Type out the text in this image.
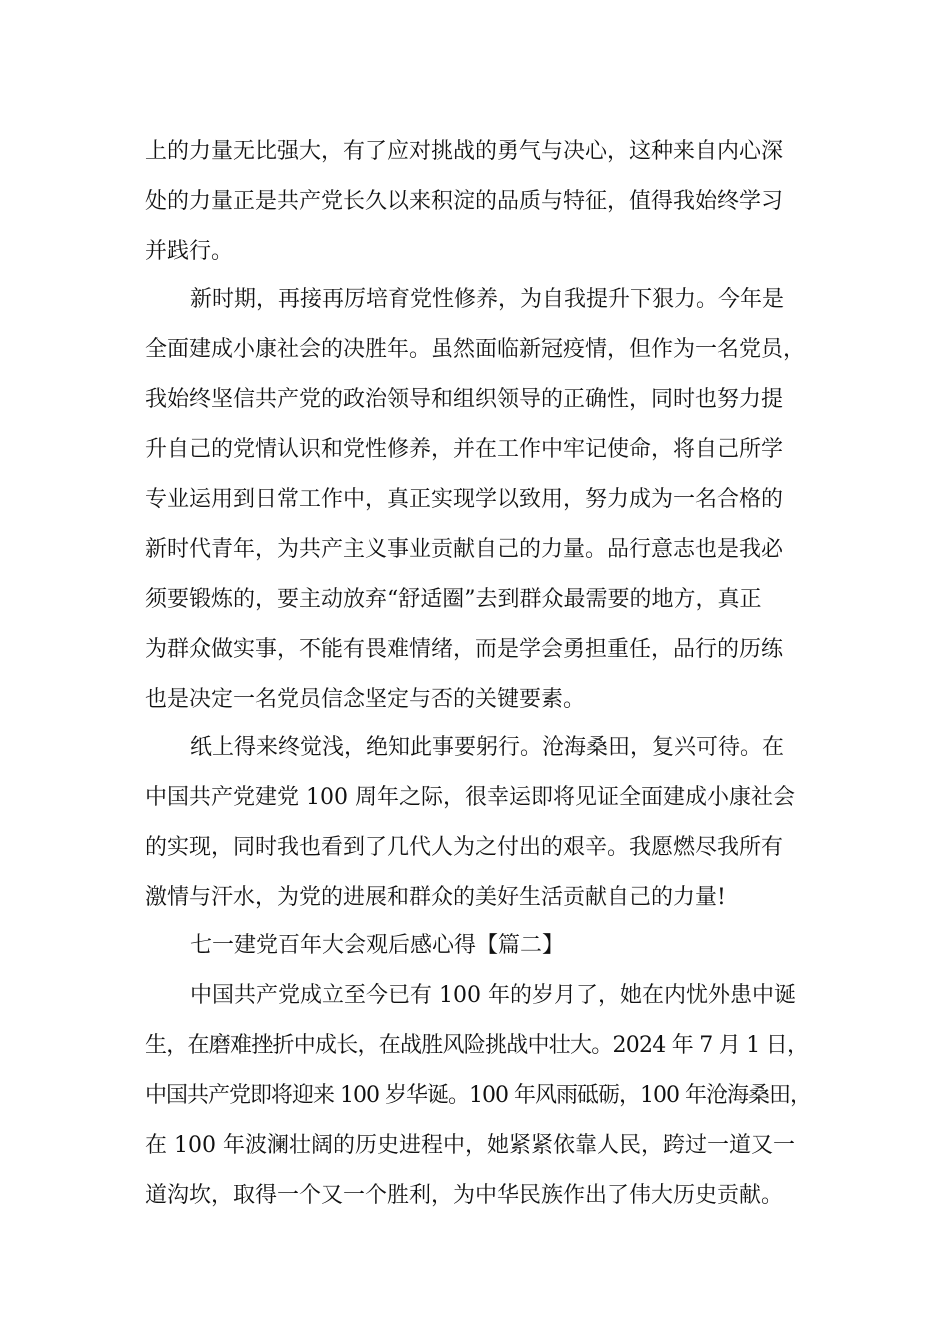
上的力量无比强大，有了应对挑战的勇气与决心，这种来自内心深
处的力量正是共产党长久以来积淀的品质与特征，值得我始终学习
并践行。
新时期，再接再厉培育党性修养，为自我提升下狠力。今年是
全面建成小康社会的决胜年。虽然面临新冠疫情，但作为一名党员，
我始终坚信共产党的政治领导和组织领导的正确性，同时也努力提
升自己的党情认识和党性修养，并在工作中牢记使命，将自己所学
专业运用到日常工作中，真正实现学以致用，努力成为一名合格的
新时代青年，为共产主义事业贡献自己的力量。品行意志也是我必
须要锻炼的，要主动放弃“舒适圈”去到群众最需要的地方，真正
为群众做实事，不能有畏难情绪，而是学会勇担重任，品行的历练
也是决定一名党员信念坚定与否的关键要素。
纸上得来终觉浅，绝知此事要躬行。沧海桑田，复兴可待。在
中国共产党建党 100 周年之际，很幸运即将见证全面建成小康社会
的实现，同时我也看到了几代人为之付出的艰辛。我愿燃尽我所有
激情与汗水，为党的进展和群众的美好生活贡献自己的力量!
七一建党百年大会观后感心得【篇二】
中国共产党成立至今已有 100 年的岁月了，她在内忧外患中诞
生，在磨难挫折中成长，在战胜风险挑战中壮大。2024 年 7 月 1 日，
中国共产党即将迎来 100 岁华诞。100 年风雨砥砺，100 年沧海桑田，
在 100 年波澜壮阔的历史进程中，她紧紧依靠人民，跨过一道又一
道沟坎，取得一个又一个胜利，为中华民族作出了伟大历史贡献。
